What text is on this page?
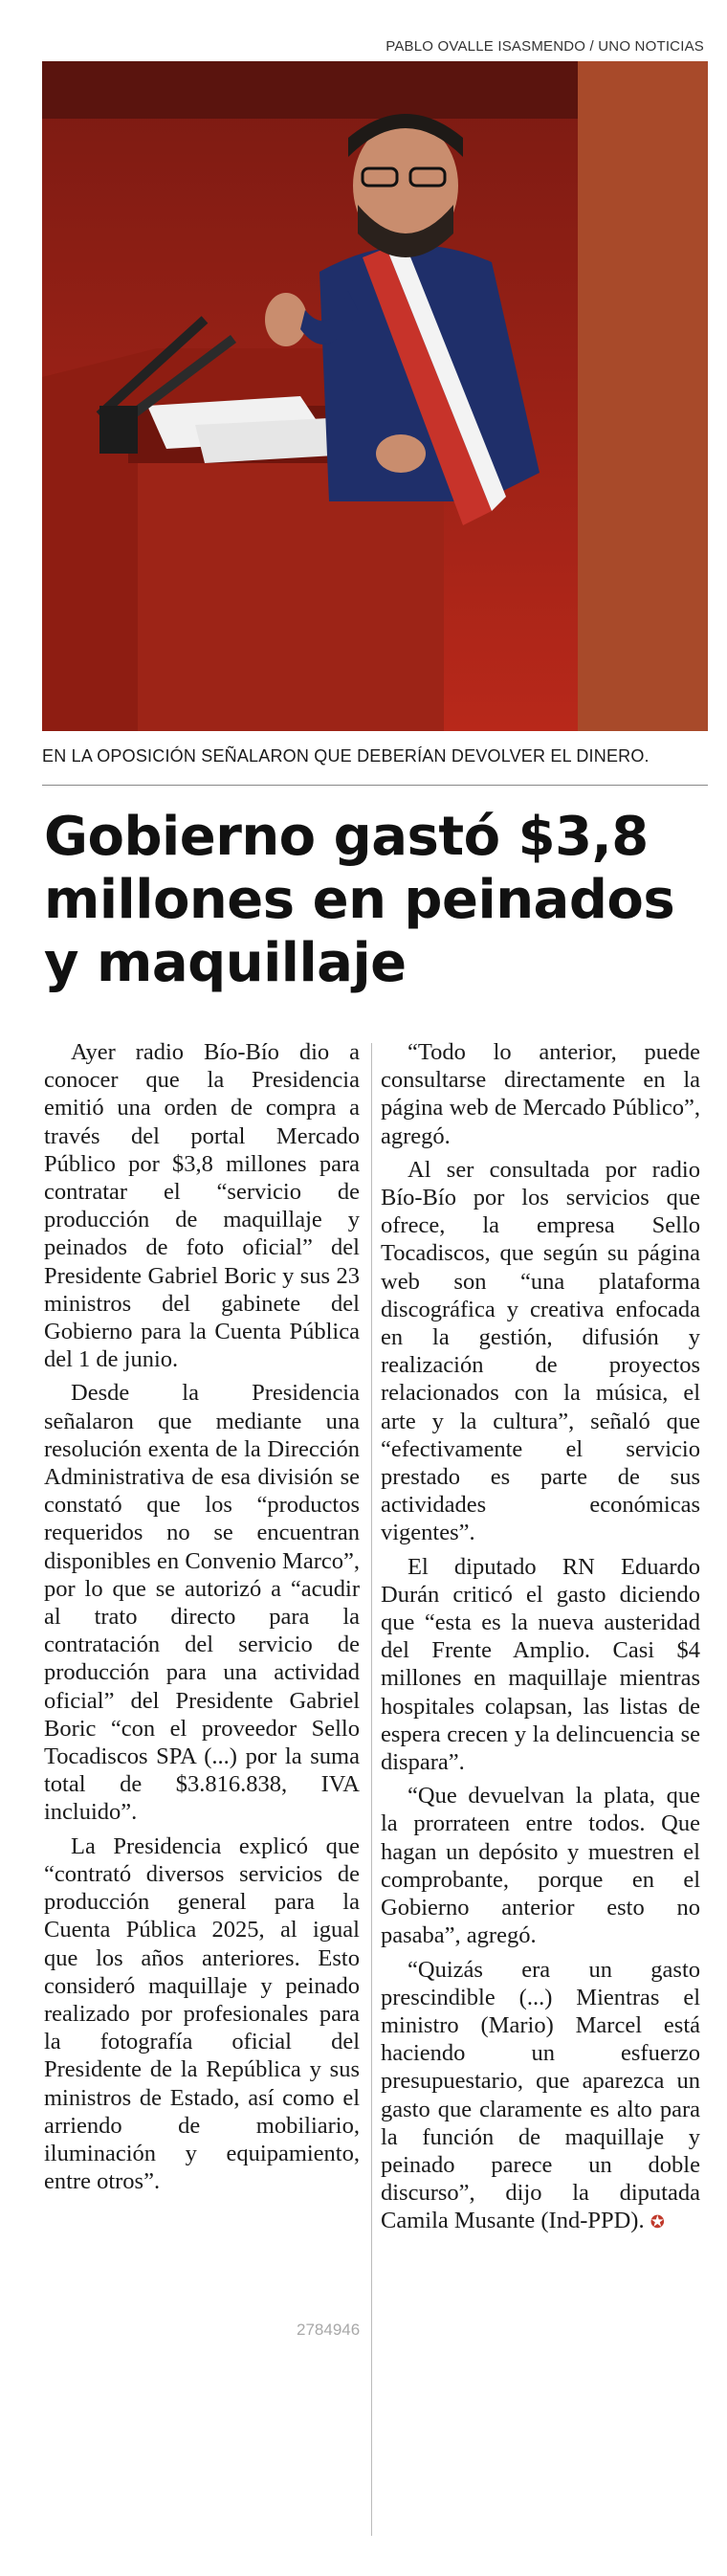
PABLO OVALLE ISASMENDO / UNO NOTICIAS
EN LA OPOSICIÓN SEÑALARON QUE DEBERÍAN DEVOLVER EL DINERO.
Gobierno gastó $3,8 millones en peinados y maquillaje

Ayer radio Bío-Bío dio a conocer que la Presidencia emitió una orden de compra a través del portal Mercado Público por $3,8 millones para contratar el “servicio de producción de maquillaje y peinados de foto oficial” del Presidente Gabriel Boric y sus 23 ministros del gabinete del Gobierno para la Cuenta Pública del 1 de junio.

Desde la Presidencia señalaron que mediante una resolución exenta de la Dirección Administrativa de esa división se constató que los “productos requeridos no se encuentran disponibles en Convenio Marco”, por lo que se autorizó a “acudir al trato directo para la contratación del servicio de producción para una actividad oficial” del Presidente Gabriel Boric “con el proveedor Sello Tocadiscos SPA (...) por la suma total de $3.816.838, IVA incluido”.

La Presidencia explicó que “contrató diversos servicios de producción general para la Cuenta Pública 2025, al igual que los años anteriores. Esto consideró maquillaje y peinado realizado por profesionales para la fotografía oficial del Presidente de la República y sus ministros de Estado, así como el arriendo de mobiliario, iluminación y equipamiento, entre otros”.

“Todo lo anterior, puede consultarse directamente en la página web de Mercado Público”, agregó.

Al ser consultada por radio Bío-Bío por los servicios que ofrece, la empresa Sello Tocadiscos, que según su página web son “una plataforma discográfica y creativa enfocada en la gestión, difusión y realización de proyectos relacionados con la música, el arte y la cultura”, señaló que “efectivamente el servicio prestado es parte de sus actividades económicas vigentes”.

El diputado RN Eduardo Durán criticó el gasto diciendo que “esta es la nueva austeridad del Frente Amplio. Casi $4 millones en maquillaje mientras hospitales colapsan, las listas de espera crecen y la delincuencia se dispara”.

“Que devuelvan la plata, que la prorrateen entre todos. Que hagan un depósito y muestren el comprobante, porque en el Gobierno anterior esto no pasaba”, agregó.

“Quizás era un gasto prescindible (...) Mientras el ministro (Mario) Marcel está haciendo un esfuerzo presupuestario, que aparezca un gasto que claramente es alto para la función de maquillaje y peinado parece un doble discurso”, dijo la diputada Camila Musante (Ind-PPD). ✪

2784946
